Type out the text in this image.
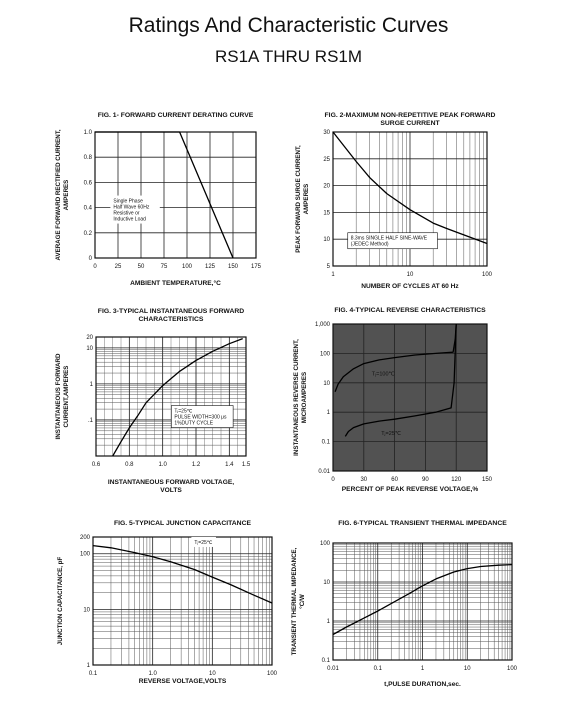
Ratings And Characteristic Curves
RS1A THRU RS1M
0	25	50	75 100 125 150 175
0
0.2
0.4
0.6
0.8
1.0
FIG. 1- FORWARD CURRENT DERATING CURVE
AMBIENT TEMPERATURE,°C
AVERAGE FORWARD RECTIFIED CURRENT, AMPERES	Single Phase
Half Wave 60Hz
Resistive or
Inductive Load
1	10	100
5
10
15
20
25
30
FIG. 2-MAXIMUM NON-REPETITIVE PEAK FORWARD
SURGE CURRENT
NUMBER OF CYCLES AT 60 Hz
PEAK FORWARD SURGE CURRENT, AMPERES
8.3ms SINGLE HALF SINE-WAVE
(JEDEC Method)
0.6	0.8	1.0	1.2	1.4 1.5
.1
1
10
20
FIG. 3-TYPICAL INSTANTANEOUS FORWARD
CHARACTERISTICS
INSTANTANEOUS FORWARD VOLTAGE,
VOLTS
INSTANTANEOUS FORWARD CURRENT,AMPERES	Tⱼ=25℃
PULSE WIDTH=300 μs
1%DUTY CYCLE
0	30	60	90	120	150
0.01
0.1
1
10
100
1,000
FIG. 4-TYPICAL REVERSE CHARACTERISTICS
PERCENT OF PEAK REVERSE VOLTAGE,%
INSTANTANEOUS REVERSE CURRENT, MICROAMPERES	Tⱼ=100℃
Tⱼ=25℃
0.1	1.0	10	100
1
10
100
200
FIG. 5-TYPICAL JUNCTION CAPACITANCE
REVERSE VOLTAGE,VOLTS
JUNCTION CAPACITANCE, pF
Tⱼ=25℃
0.01	0.1	1	10	100
0.1
1
10
100
FIG. 6-TYPICAL TRANSIENT THERMAL IMPEDANCE
t,PULSE DURATION,sec.
TRANSIENT THERMAL IMPEDANCE, °C/W
